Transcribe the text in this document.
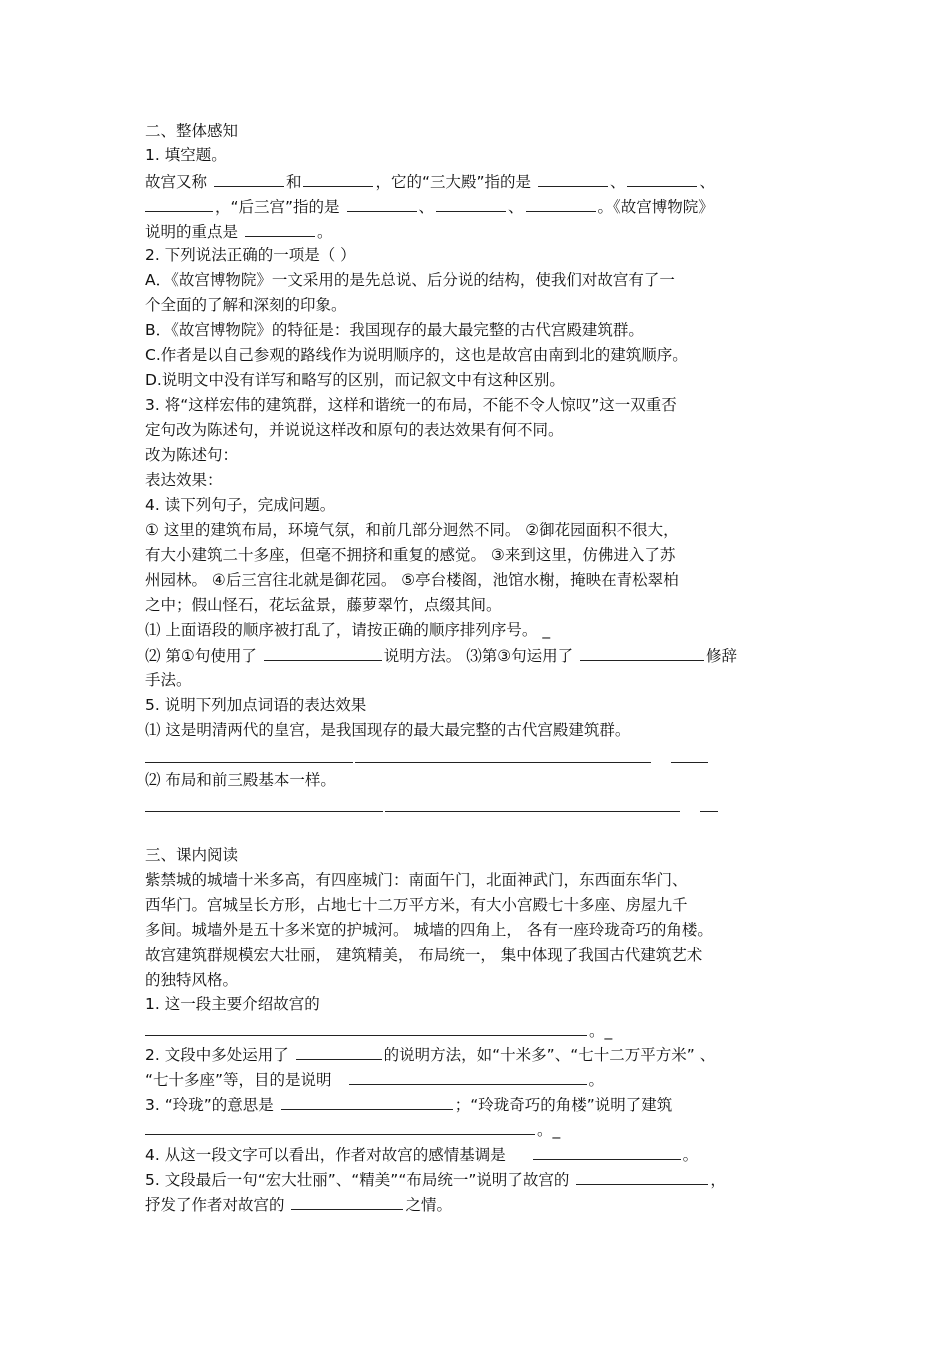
二、整体感知
1. 填空题。
故宫又称	和	，它的“三大殿”指的是	、	、
，“后三宫”指的是	、	、	。《故宫博物院》
说明的重点是	。
2. 下列说法正确的一项是（ ）
A．《故宫博物院》一文采用的是先总说、后分说的结构，使我们对故宫有了一
个全面的了解和深刻的印象。
B．《故宫博物院》的特征是：我国现存的最大最完整的古代宫殿建筑群。
C.作者是以自己参观的路线作为说明顺序的，这也是故宫由南到北的建筑顺序。
D.说明文中没有详写和略写的区别，而记叙文中有这种区别。
3. 将“这样宏伟的建筑群，这样和谐统一的布局，不能不令人惊叹”这一双重否
定句改为陈述句，并说说这样改和原句的表达效果有何不同。
改为陈述句：
表达效果：
4. 读下列句子，完成问题。
① 这里的建筑布局，环境气氛，和前几部分迥然不同。 ②御花园面积不很大，
有大小建筑二十多座，但毫不拥挤和重复的感觉。 ③来到这里，仿佛进入了苏
州园林。 ④后三宫往北就是御花园。 ⑤亭台楼阁，池馆水榭，掩映在青松翠柏
之中；假山怪石，花坛盆景，藤萝翠竹，点缀其间。
⑴ 上面语段的顺序被打乱了，请按正确的顺序排列序号。 _
⑵ 第①句使用了	说明方法。 ⑶第③句运用了	修辞
手法。
5. 说明下列加点词语的表达效果
⑴ 这是明清两代的皇宫，是我国现存的最大最完整的古代宫殿建筑群。
⑵ 布局和前三殿基本一样。
三、课内阅读
紫禁城的城墙十米多高，有四座城门：南面午门，北面神武门，东西面东华门、
西华门。宫城呈长方形，占地七十二万平方米，有大小宫殿七十多座、房屋九千
多间。城墙外是五十多米宽的护城河。 城墙的四角上， 各有一座玲珑奇巧的角楼。
故宫建筑群规模宏大壮丽， 建筑精美， 布局统一， 集中体现了我国古代建筑艺术
的独特风格。
1. 这一段主要介绍故宫的
。_
2. 文段中多处运用了	的说明方法，如“十米多”、“七十二万平方米” 、
“七十多座”等，目的是说明	。
3. “玲珑”的意思是	；“玲珑奇巧的角楼”说明了建筑
。_
4. 从这一段文字可以看出，作者对故宫的感情基调是	。
5. 文段最后一句“宏大壮丽”、“精美”“布局统一”说明了故宫的	，
抒发了作者对故宫的	之情。
